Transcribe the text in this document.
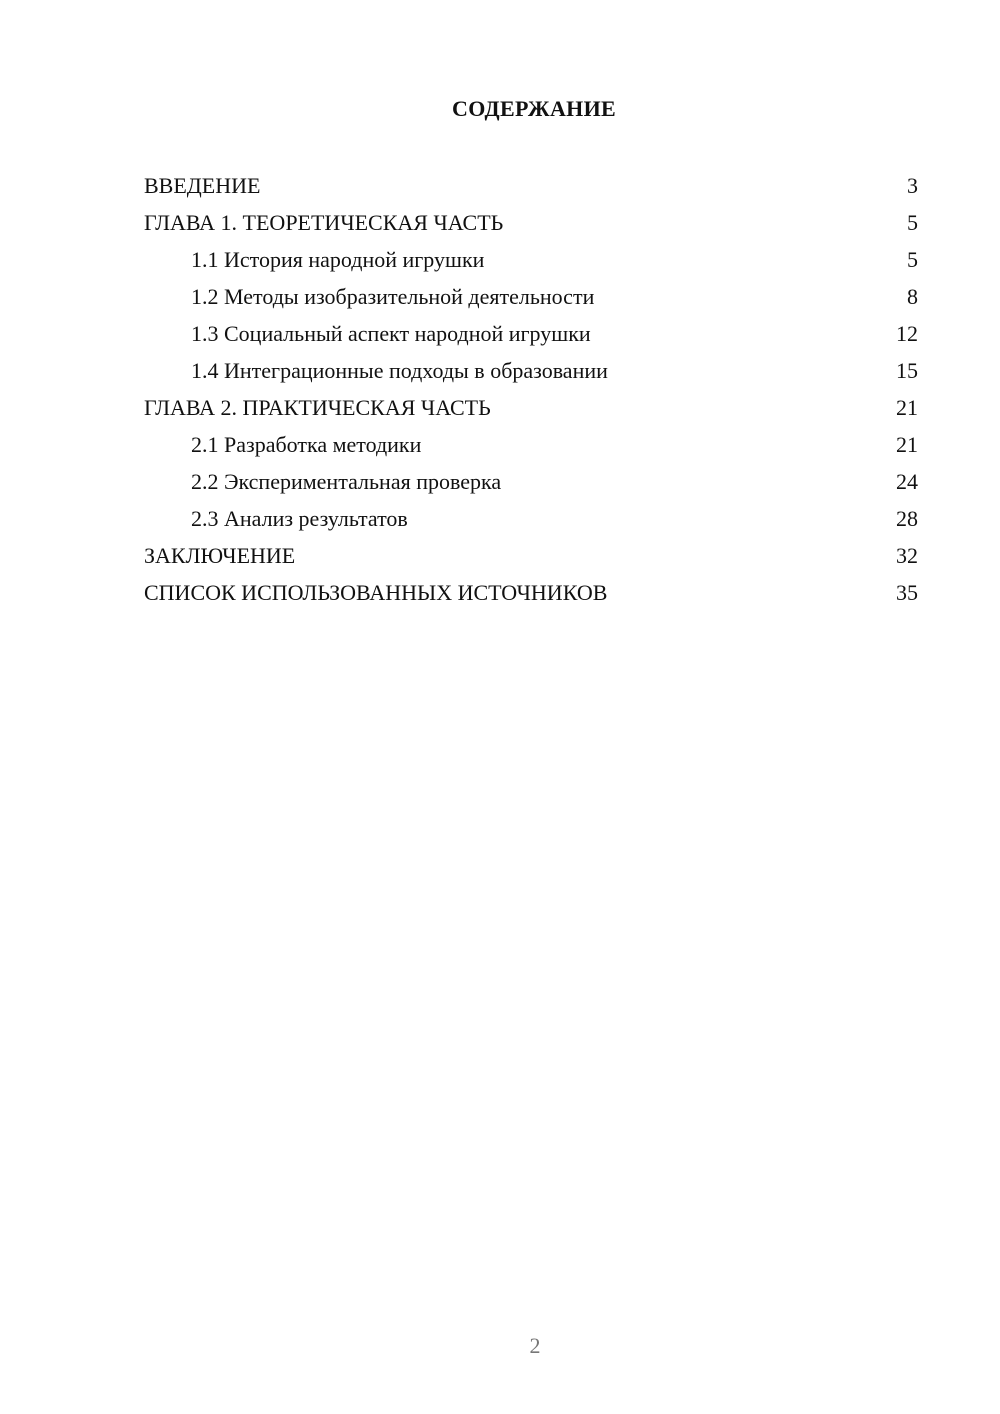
СОДЕРЖАНИЕ
ВВЕДЕНИЕ	3
ГЛАВА 1. ТЕОРЕТИЧЕСКАЯ ЧАСТЬ	5
1.1 История народной игрушки	5
1.2 Методы изобразительной деятельности	8
1.3 Социальный аспект народной игрушки	12
1.4 Интеграционные подходы в образовании	15
ГЛАВА 2. ПРАКТИЧЕСКАЯ ЧАСТЬ	21
2.1 Разработка методики	21
2.2 Экспериментальная проверка	24
2.3 Анализ результатов	28
ЗАКЛЮЧЕНИЕ	32
СПИСОК ИСПОЛЬЗОВАННЫХ ИСТОЧНИКОВ	35
2
